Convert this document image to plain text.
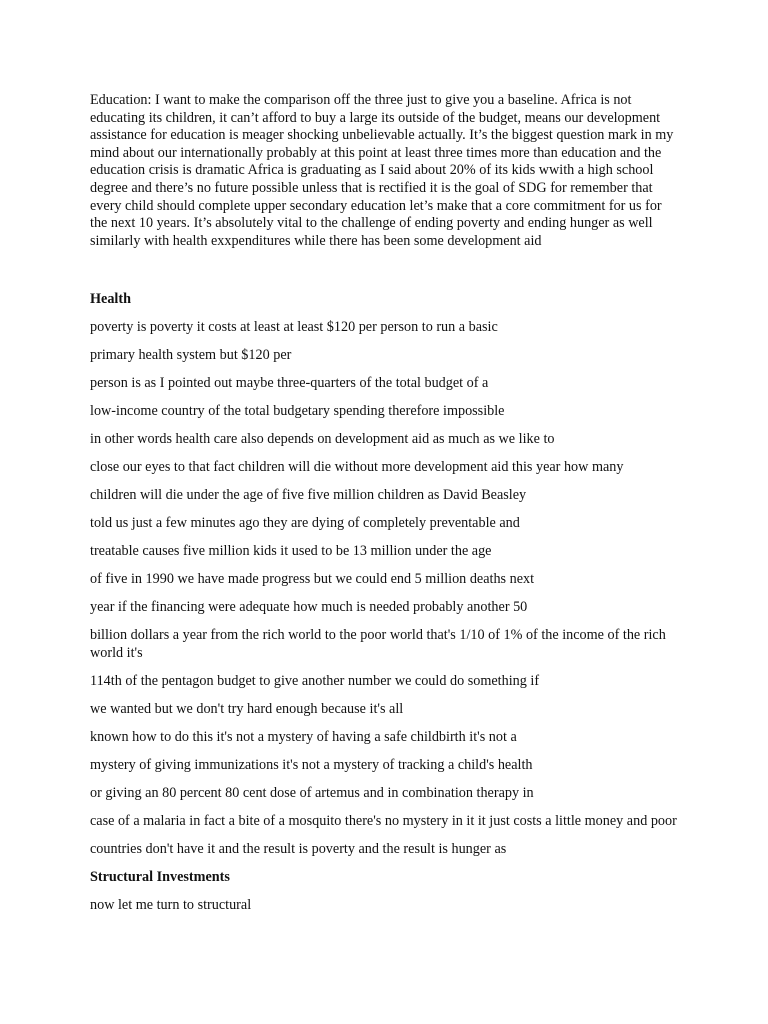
Education: I want to make the comparison off the three just to give you a baseline. Africa is not educating its children, it can’t afford to buy a large its outside of the budget, means our development assistance for education is meager shocking unbelievable actually. It’s the biggest question mark in my mind about our internationally probably at this point at least three times more than education and the education crisis is dramatic Africa is graduating as I said about 20% of its kids wwith a high school degree and there’s no future possible unless that is rectified it is the goal of SDG for remember that every child should complete upper secondary education let’s make that a core commitment for us for the next 10 years. It’s absolutely vital to the challenge of ending poverty and ending hunger as well similarly with health exxpenditures while there has been some development aid

Health

poverty is poverty it costs at least at least $120 per person to run a basic

primary health system but $120 per

person is as I pointed out maybe three-quarters of the total budget of a

low-income country of the total budgetary spending therefore impossible

in other words health care also depends on development aid as much as we like to

close our eyes to that fact children will die without more development aid this year how many

children will die under the age of five five million children as David Beasley

told us just a few minutes ago they are dying of completely preventable and

treatable causes five million kids it used to be 13 million under the age

of five in 1990 we have made progress but we could end 5 million deaths next

year if the financing were adequate how much is needed probably another 50

billion dollars a year from the rich world to the poor world that's 1/10 of 1% of the income of the rich world it's

114th of the pentagon budget to give another number we could do something if

we wanted but we don't try hard enough because it's all

known how to do this it's not a mystery of having a safe childbirth it's not a

mystery of giving immunizations it's not a mystery of tracking a child's health

or giving an 80 percent 80 cent dose of artemus and in combination therapy in

case of a malaria in fact a bite of a mosquito there's no mystery in it it just costs a little money and poor

countries don't have it and the result is poverty and the result is hunger as

Structural Investments

now let me turn to structural
